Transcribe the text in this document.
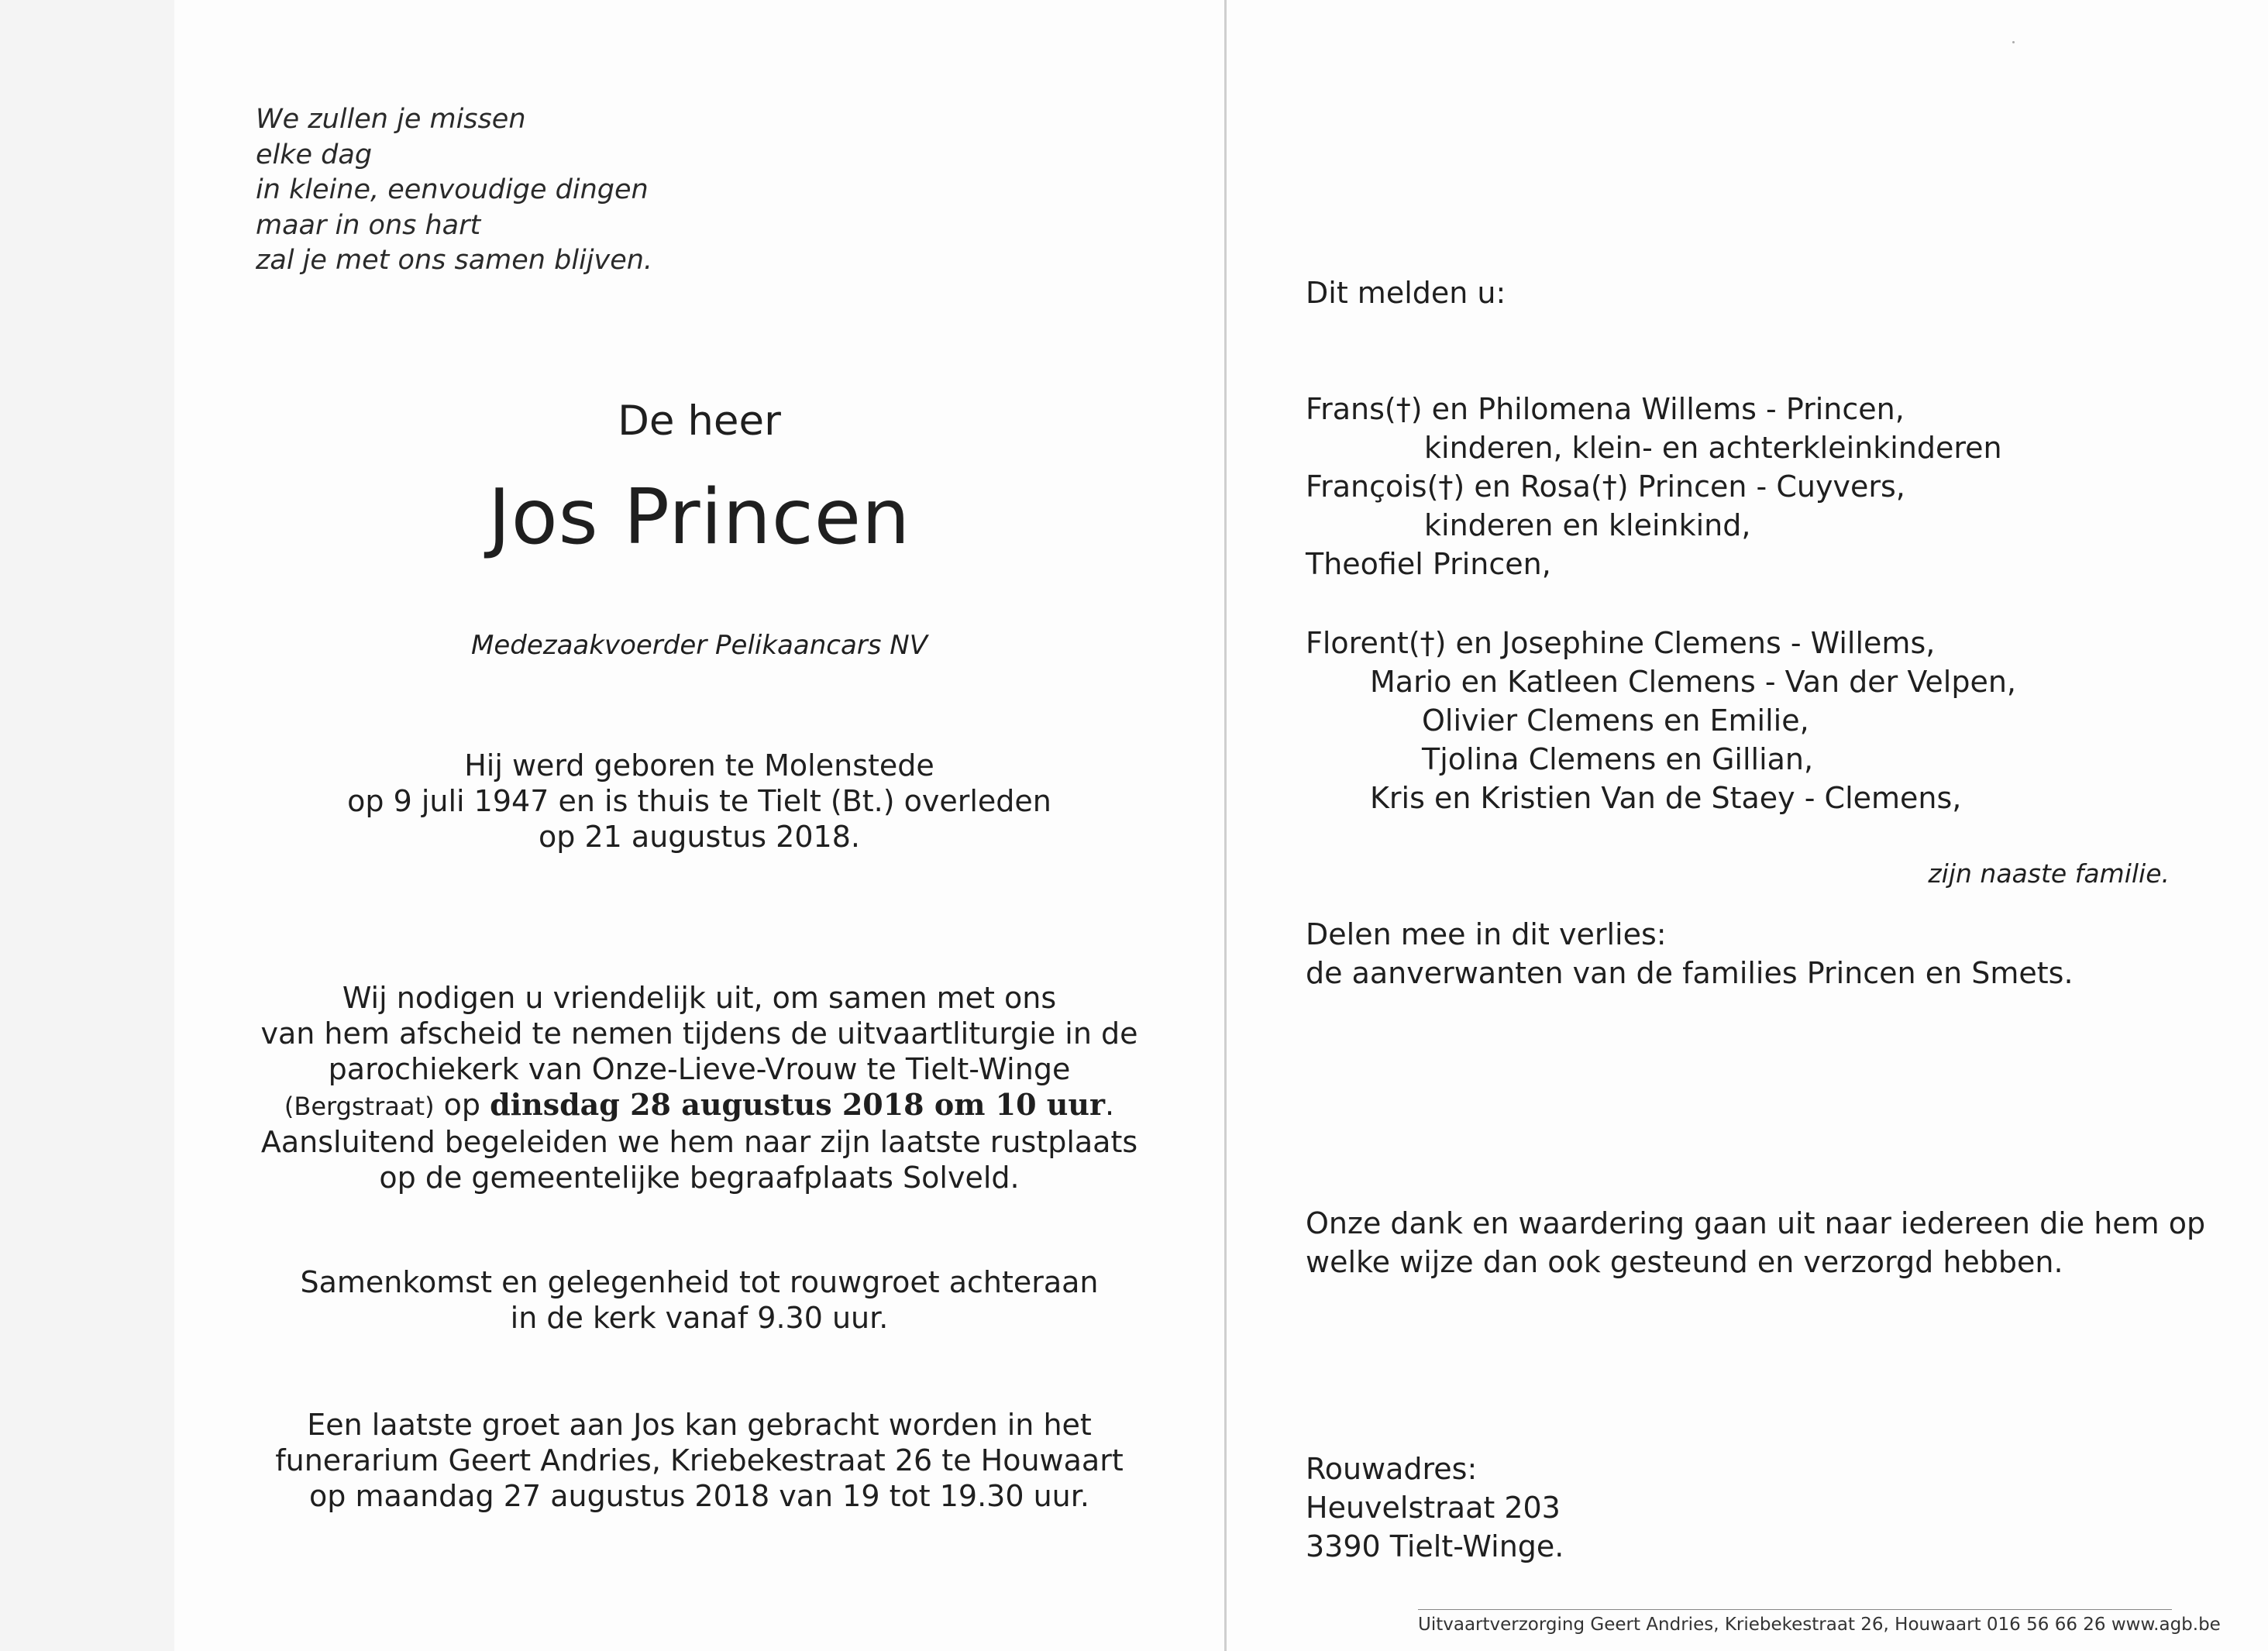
We zullen je missen
elke dag
in kleine, eenvoudige dingen
maar in ons hart
zal je met ons samen blijven.
De heer
Jos Princen
Medezaakvoerder Pelikaancars NV
Hij werd geboren te Molenstede
op 9 juli 1947 en is thuis te Tielt (Bt.) overleden
op 21 augustus 2018.
Wij nodigen u vriendelijk uit, om samen met ons
van hem afscheid te nemen tijdens de uitvaartliturgie in de
parochiekerk van Onze-Lieve-Vrouw te Tielt-Winge
(Bergstraat) op dinsdag 28 augustus 2018 om 10 uur.
Aansluitend begeleiden we hem naar zijn laatste rustplaats
op de gemeentelijke begraafplaats Solveld.
Samenkomst en gelegenheid tot rouwgroet achteraan
in de kerk vanaf 9.30 uur.
Een laatste groet aan Jos kan gebracht worden in het
funerarium Geert Andries, Kriebekestraat 26 te Houwaart
op maandag 27 augustus 2018 van 19 tot 19.30 uur.
Dit melden u:
Frans(†) en Philomena Willems - Princen,
kinderen, klein- en achterkleinkinderen
François(†) en Rosa(†) Princen - Cuyvers,
kinderen en kleinkind,
Theofiel Princen,
Florent(†) en Josephine Clemens - Willems,
Mario en Katleen Clemens - Van der Velpen,
Olivier Clemens en Emilie,
Tjolina Clemens en Gillian,
Kris en Kristien Van de Staey - Clemens,
zijn naaste familie.
Delen mee in dit verlies:
de aanverwanten van de families Princen en Smets.
Onze dank en waardering gaan uit naar iedereen die hem op
welke wijze dan ook gesteund en verzorgd hebben.
Rouwadres:
Heuvelstraat 203
3390 Tielt-Winge.
Uitvaartverzorging Geert Andries, Kriebekestraat 26, Houwaart 016 56 66 26 www.agb.be
